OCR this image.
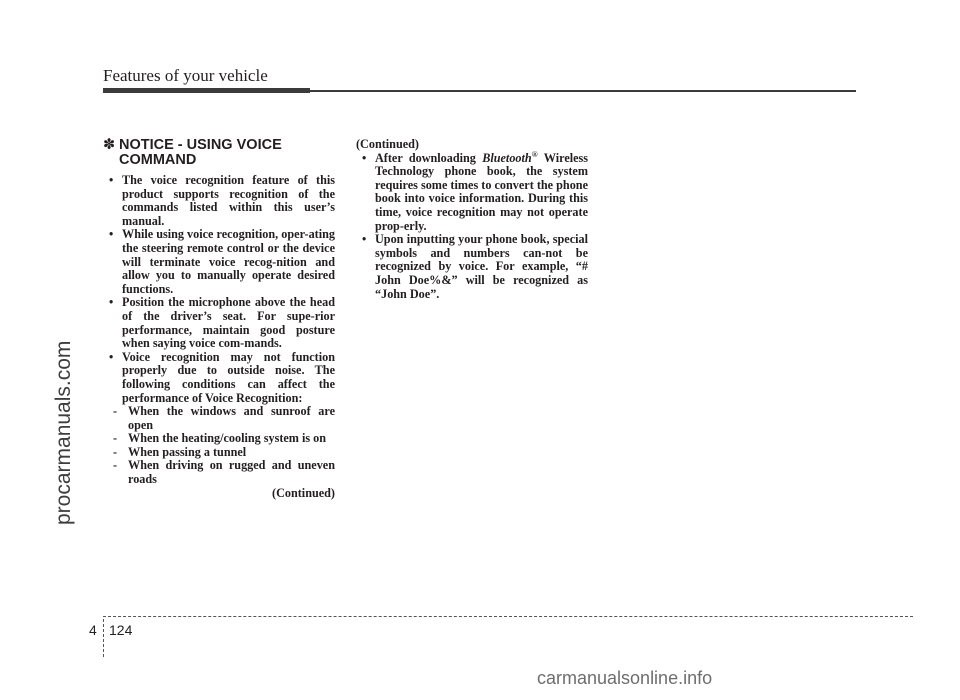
Features of your vehicle
procarmanuals.com
✽ NOTICE - USING VOICE
COMMAND
• The voice recognition feature of this product supports recognition of the commands listed within this user’s manual.
• While using voice recognition, oper-ating the steering remote control or the device will terminate voice recog-nition and allow you to manually operate desired functions.
• Position the microphone above the head of the driver’s seat. For supe-rior performance, maintain good posture when saying voice com-mands.
• Voice recognition may not function properly due to outside noise. The following conditions can affect the performance of Voice Recognition:
- When the windows and sunroof are open
- When the heating/cooling system is on
- When passing a tunnel
- When driving on rugged and uneven roads
(Continued)
(Continued)
• After downloading Bluetooth® Wireless Technology phone book, the system requires some times to convert the phone book into voice information. During this time, voice recognition may not operate prop-erly.
• Upon inputting your phone book, special symbols and numbers can-not be recognized by voice. For example, “# John Doe%&” will be recognized as “John Doe”.
4 124
carmanualsonline.info
